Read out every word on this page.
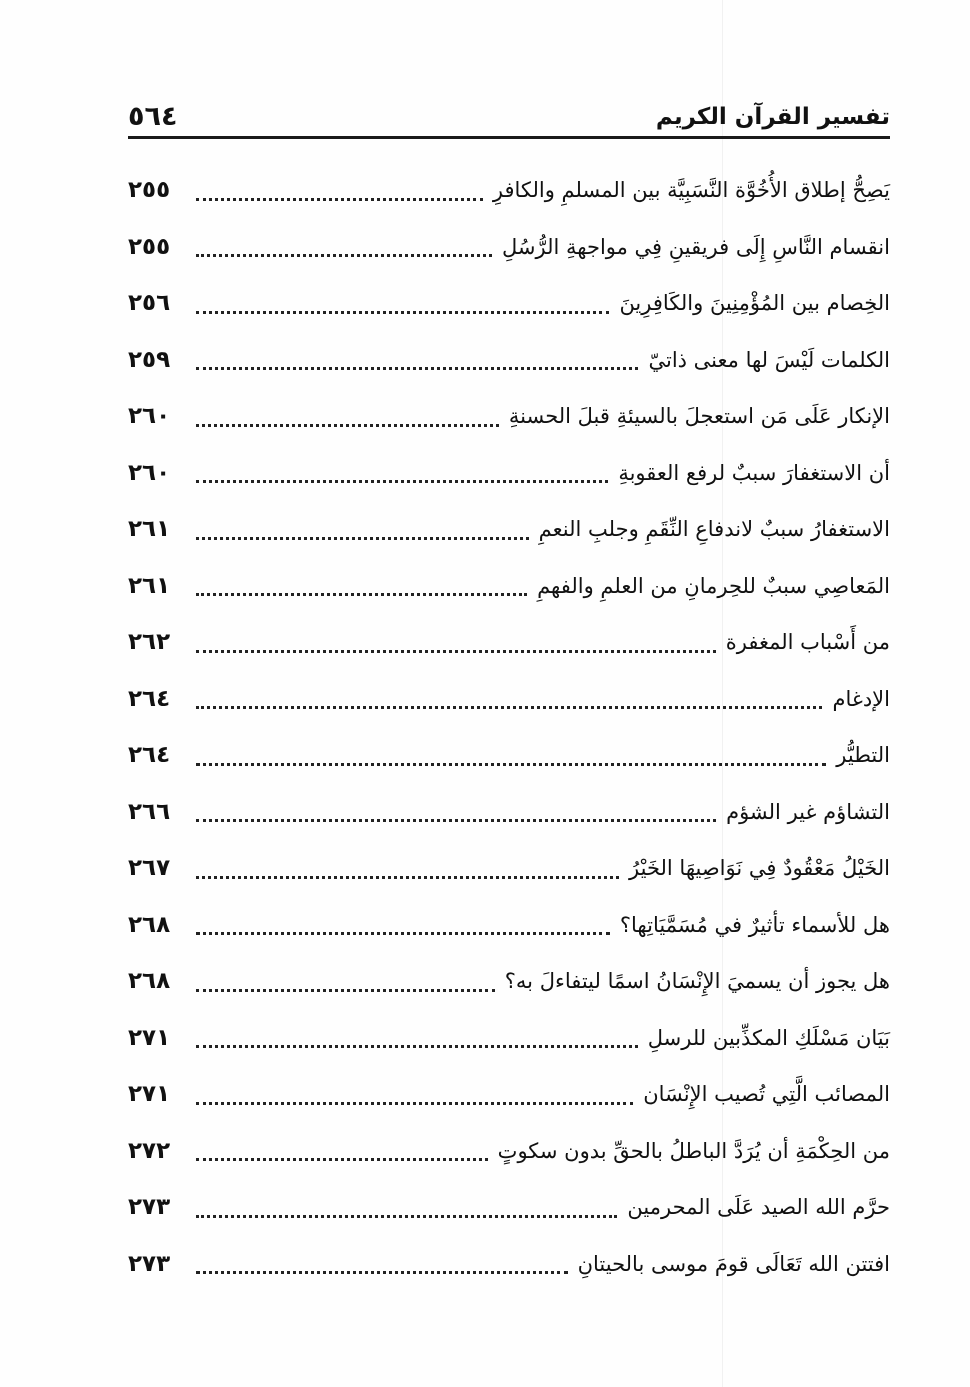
تفسير القرآن الكريم
٥٦٤
يَصِحُّ إطلاق الأُخُوَّة النَّسَبِيَّة بين المسلمِ والكافرِ
٢٥٥
انقسام النَّاسِ إِلَى فريقينِ فِي مواجهةِ الرُّسُلِ
٢٥٥
الخِصام بين المُؤْمِنِينَ والكَافِرِينَ
٢٥٦
الكلمات لَيْسَ لها معنى ذاتيّ
٢٥٩
الإنكار عَلَى مَن استعجلَ بالسيئةِ قبلَ الحسنةِ
٢٦٠
أن الاستغفارَ سببٌ لرفع العقوبةِ
٢٦٠
الاستغفارُ سببٌ لاندفاعِ النِّقَمِ وجلبِ النعمِ
٢٦١
المَعاصِي سببٌ للحِرمانِ من العلمِ والفهمِ
٢٦١
من أَسْباب المغفرة
٢٦٢
الإدغام
٢٦٤
التطيُّر
٢٦٤
التشاؤم غير الشؤم
٢٦٦
الخَيْلُ مَعْقُودٌ فِي نَوَاصِيهَا الخَيْرُ
٢٦٧
هل للأسماء تأثيرٌ في مُسَمَّيَاتِها؟
٢٦٨
هل يجوز أن يسميَ الإِنْسَانُ اسمًا ليتفاءلَ به؟
٢٦٨
بَيَان مَسْلَكِ المكذِّبين للرسلِ
٢٧١
المصائب الَّتِي تُصيب الإِنْسَان
٢٧١
من الحِكْمَةِ أن يُرَدَّ الباطلُ بالحقِّ بدون سكوتٍ
٢٧٢
حرَّم الله الصيد عَلَى المحرمين
٢٧٣
افتتن الله تَعَالَى قومَ موسى بالحيتانِ
٢٧٣
